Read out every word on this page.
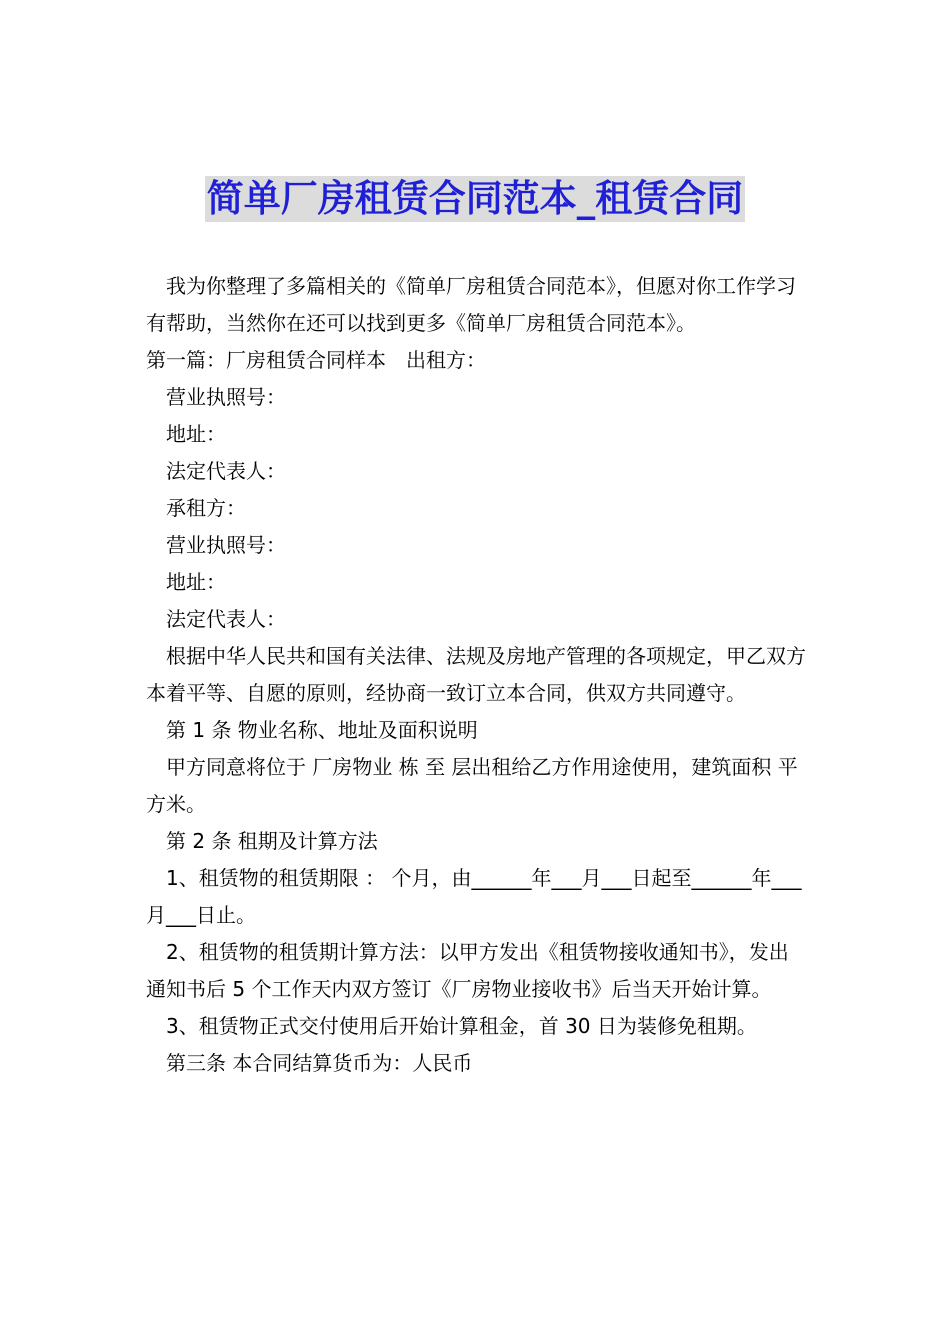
简单厂房租赁合同范本_租赁合同

我为你整理了多篇相关的《简单厂房租赁合同范本》，但愿对你工作学习有帮助，当然你在还可以找到更多《简单厂房租赁合同范本》。

第一篇：厂房租赁合同样本　出租方：

营业执照号：

地址：

法定代表人：

承租方：

营业执照号：

地址：

法定代表人：

根据中华人民共和国有关法律、法规及房地产管理的各项规定，甲乙双方本着平等、自愿的原则，经协商一致订立本合同，供双方共同遵守。

第 1 条 物业名称、地址及面积说明

甲方同意将位于 厂房物业 栋 至 层出租给乙方作用途使用，建筑面积 平方米。

第 2 条 租期及计算方法

1、租赁物的租赁期限 ： 个月，由______年___月___日起至______年___月___日止。

2、租赁物的租赁期计算方法：以甲方发出《租赁物接收通知书》，发出通知书后 5 个工作天内双方签订《厂房物业接收书》后当天开始计算。

3、租赁物正式交付使用后开始计算租金，首 30 日为装修免租期。

第三条 本合同结算货币为：人民币
